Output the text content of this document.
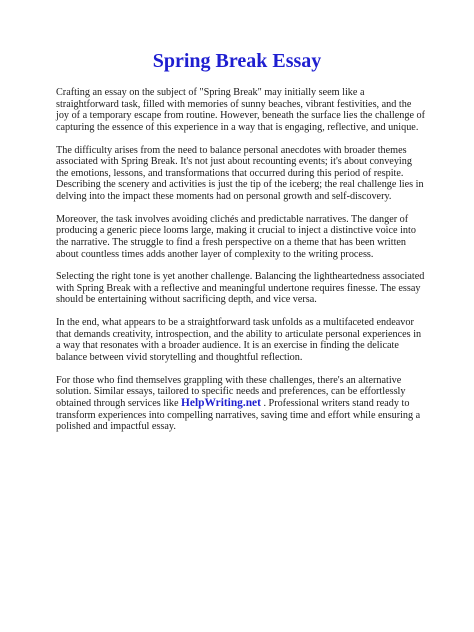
Spring Break Essay

Crafting an essay on the subject of "Spring Break" may initially seem like a straightforward task, filled with memories of sunny beaches, vibrant festivities, and the joy of a temporary escape from routine. However, beneath the surface lies the challenge of capturing the essence of this experience in a way that is engaging, reflective, and unique.

The difficulty arises from the need to balance personal anecdotes with broader themes associated with Spring Break. It's not just about recounting events; it's about conveying the emotions, lessons, and transformations that occurred during this period of respite. Describing the scenery and activities is just the tip of the iceberg; the real challenge lies in delving into the impact these moments had on personal growth and self-discovery.

Moreover, the task involves avoiding clichés and predictable narratives. The danger of producing a generic piece looms large, making it crucial to inject a distinctive voice into the narrative. The struggle to find a fresh perspective on a theme that has been written about countless times adds another layer of complexity to the writing process.

Selecting the right tone is yet another challenge. Balancing the lightheartedness associated with Spring Break with a reflective and meaningful undertone requires finesse. The essay should be entertaining without sacrificing depth, and vice versa.

In the end, what appears to be a straightforward task unfolds as a multifaceted endeavor that demands creativity, introspection, and the ability to articulate personal experiences in a way that resonates with a broader audience. It is an exercise in finding the delicate balance between vivid storytelling and thoughtful reflection.

For those who find themselves grappling with these challenges, there's an alternative solution. Similar essays, tailored to specific needs and preferences, can be effortlessly obtained through services like HelpWriting.net . Professional writers stand ready to transform experiences into compelling narratives, saving time and effort while ensuring a polished and impactful essay.
